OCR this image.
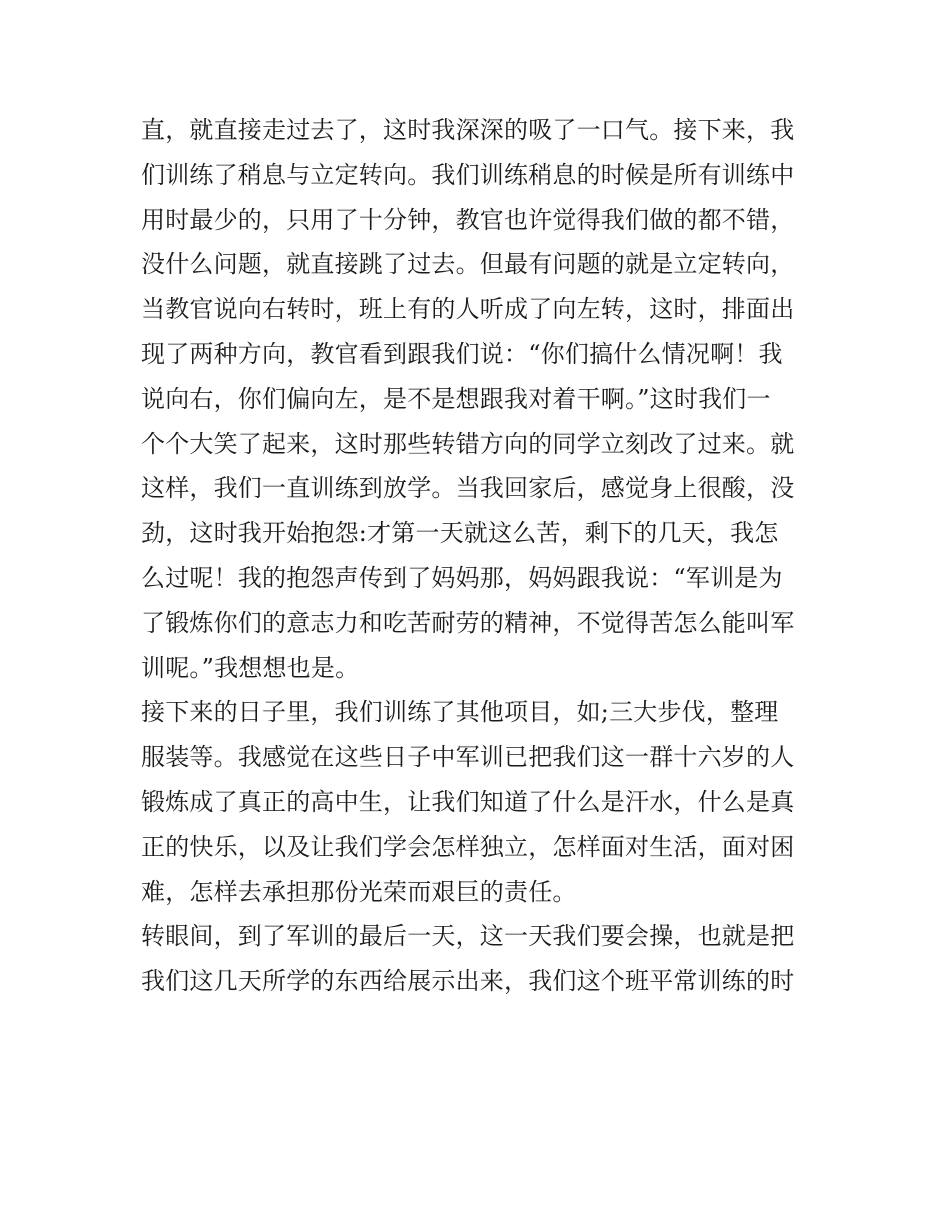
直，就直接走过去了，这时我深深的吸了一口气。接下来，我
们训练了稍息与立定转向。我们训练稍息的时候是所有训练中
用时最少的，只用了十分钟，教官也许觉得我们做的都不错，
没什么问题，就直接跳了过去。但最有问题的就是立定转向，
当教官说向右转时，班上有的人听成了向左转，这时，排面出
现了两种方向，教官看到跟我们说：“你们搞什么情况啊！我
说向右，你们偏向左，是不是想跟我对着干啊。”这时我们一
个个大笑了起来，这时那些转错方向的同学立刻改了过来。就
这样，我们一直训练到放学。当我回家后，感觉身上很酸，没
劲，这时我开始抱怨:才第一天就这么苦，剩下的几天，我怎
么过呢！我的抱怨声传到了妈妈那，妈妈跟我说：“军训是为
了锻炼你们的意志力和吃苦耐劳的精神，不觉得苦怎么能叫军
训呢。”我想想也是。
接下来的日子里，我们训练了其他项目，如;三大步伐，整理
服装等。我感觉在这些日子中军训已把我们这一群十六岁的人
锻炼成了真正的高中生，让我们知道了什么是汗水，什么是真
正的快乐，以及让我们学会怎样独立，怎样面对生活，面对困
难，怎样去承担那份光荣而艰巨的责任。
转眼间，到了军训的最后一天，这一天我们要会操，也就是把
我们这几天所学的东西给展示出来，我们这个班平常训练的时
